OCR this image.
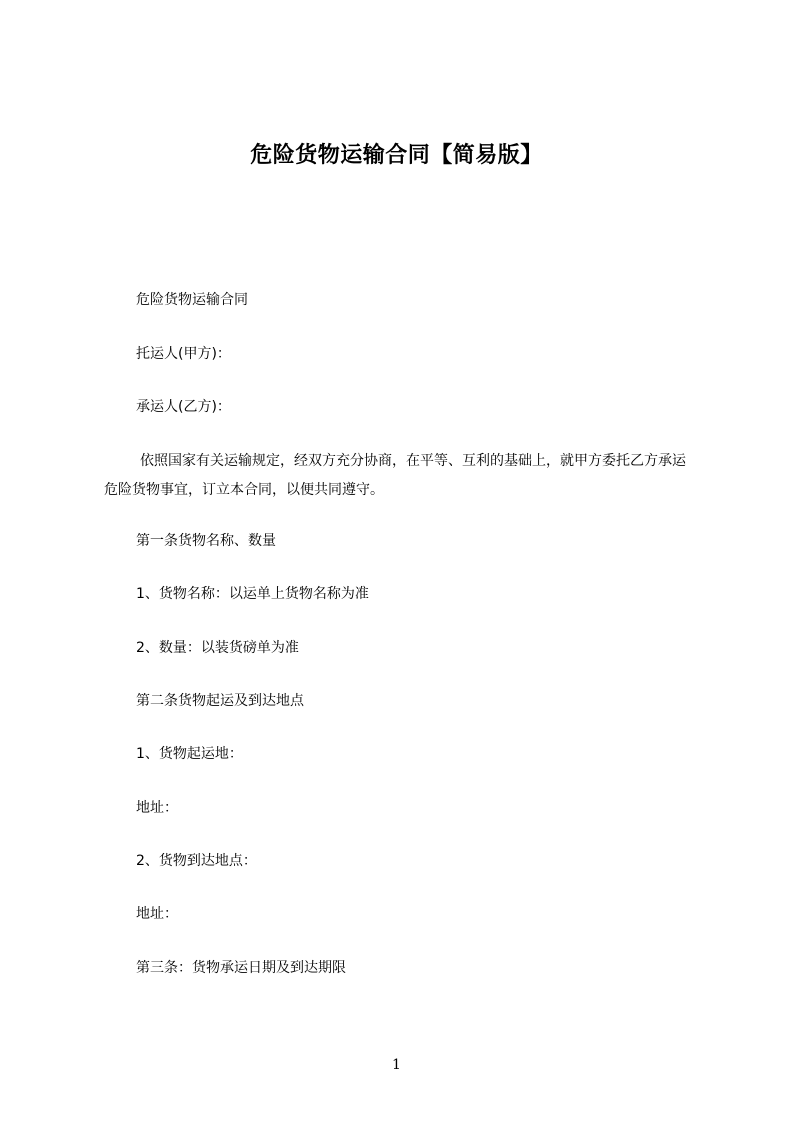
危险货物运输合同【简易版】

危险货物运输合同

托运人(甲方)：

承运人(乙方)：

依照国家有关运输规定，经双方充分协商，在平等、互利的基础上，就甲方委托乙方承运危险货物事宜，订立本合同，以便共同遵守。

第一条货物名称、数量

1、货物名称：以运单上货物名称为准

2、数量：以装货磅单为准

第二条货物起运及到达地点

1、货物起运地：

地址：

2、货物到达地点：

地址：

第三条：货物承运日期及到达期限

1
